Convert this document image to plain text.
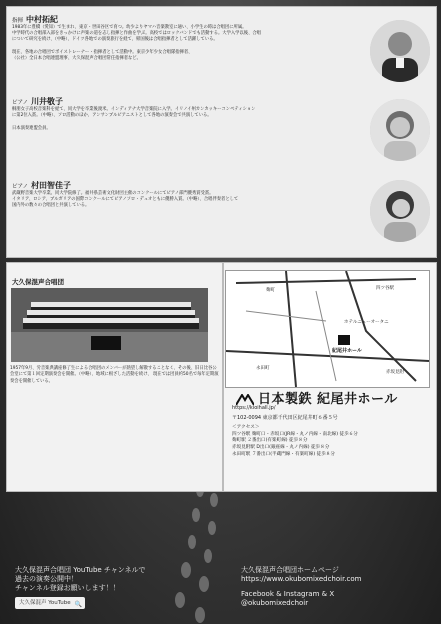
指揮 中村拓紀
1983年に豊橋（愛知）で生まれ、東京・世田谷区で育つ。幼少よりヤマハ音楽教室に通い、小学生の時は合唱団に所属。
中学時代の合唱部入部をきっかけに声楽の道を志し指揮と作曲を学ぶ。高校ではロックバンドでも活動する。大学入学以後、合唱
について研究を続け、（中略）、ドイツ各地での演奏旅行を経て、帰国後は合唱指揮者として活躍している。

現在、各地の合唱団でボイストレーナー・指揮者として活動中。東京少年少女合唱隊指揮者、
（公社）全日本合唱連盟理事、大久保混声合唱団常任指揮者など。
ピアノ 川井敬子
桐朋女子高校音楽科を経て、同大学を卒業後渡米。インディアナ大学音楽院に入学。イリノイ州カンカッキーコンペティション
に第2位入賞。（中略）、ソロ活動のほか、アンサンブルピアニストとして各地の演奏会で共演している。

日本演奏連盟会員。
ピアノ 村田智佳子
武蔵野音楽大学卒業。同大学院修了。福井県芸術文化財団主催のコンクールにてピアノ部門優秀賞受賞。
イタリア、ロシア、ブルガリアの国際コンクールにてピアノソロ・デュオともに優勝入賞。（中略）、合唱伴奏者として
国内外の数々の合唱団と共演している。
大久保混声合唱団
1957年9月、労音楽典講座修了生による合唱団のメンバーが熱望し解散することなく、その後、旧日比谷公会堂にて第１回定期演奏会を開催。（中略）、地域に根ざした活動を続け、 現在では団員約50名で毎年定期演奏会を開催している。
紀尾井ホール
四ツ谷駅
麹町
赤坂見附
永田町
ホテルニューオータニ
日本製鉄 紀尾井ホール
https://kioihall.jp/
〒102-0094 東京都千代田区紀尾井町６番５号
＜アクセス＞
四ツ谷駅 麹町口・赤坂口(JR線・丸ノ内線・南北線) 徒歩６分
麹町駅 ２番出口(有楽町線) 徒歩８分
赤坂見附駅 D出口(銀座線・丸ノ内線) 徒歩８分
永田町駅 ７番出口(半蔵門線・有楽町線) 徒歩８分
大久保混声合唱団 YouTube チャンネルで
過去の演奏公開中！
チャンネル登録お願いします！！
大久保混声 YouTube 🔍
大久保混声合唱団ホームページ
https://www.okubomixedchoir.com
Facebook & Instagram & X
@okubomixedchoir
